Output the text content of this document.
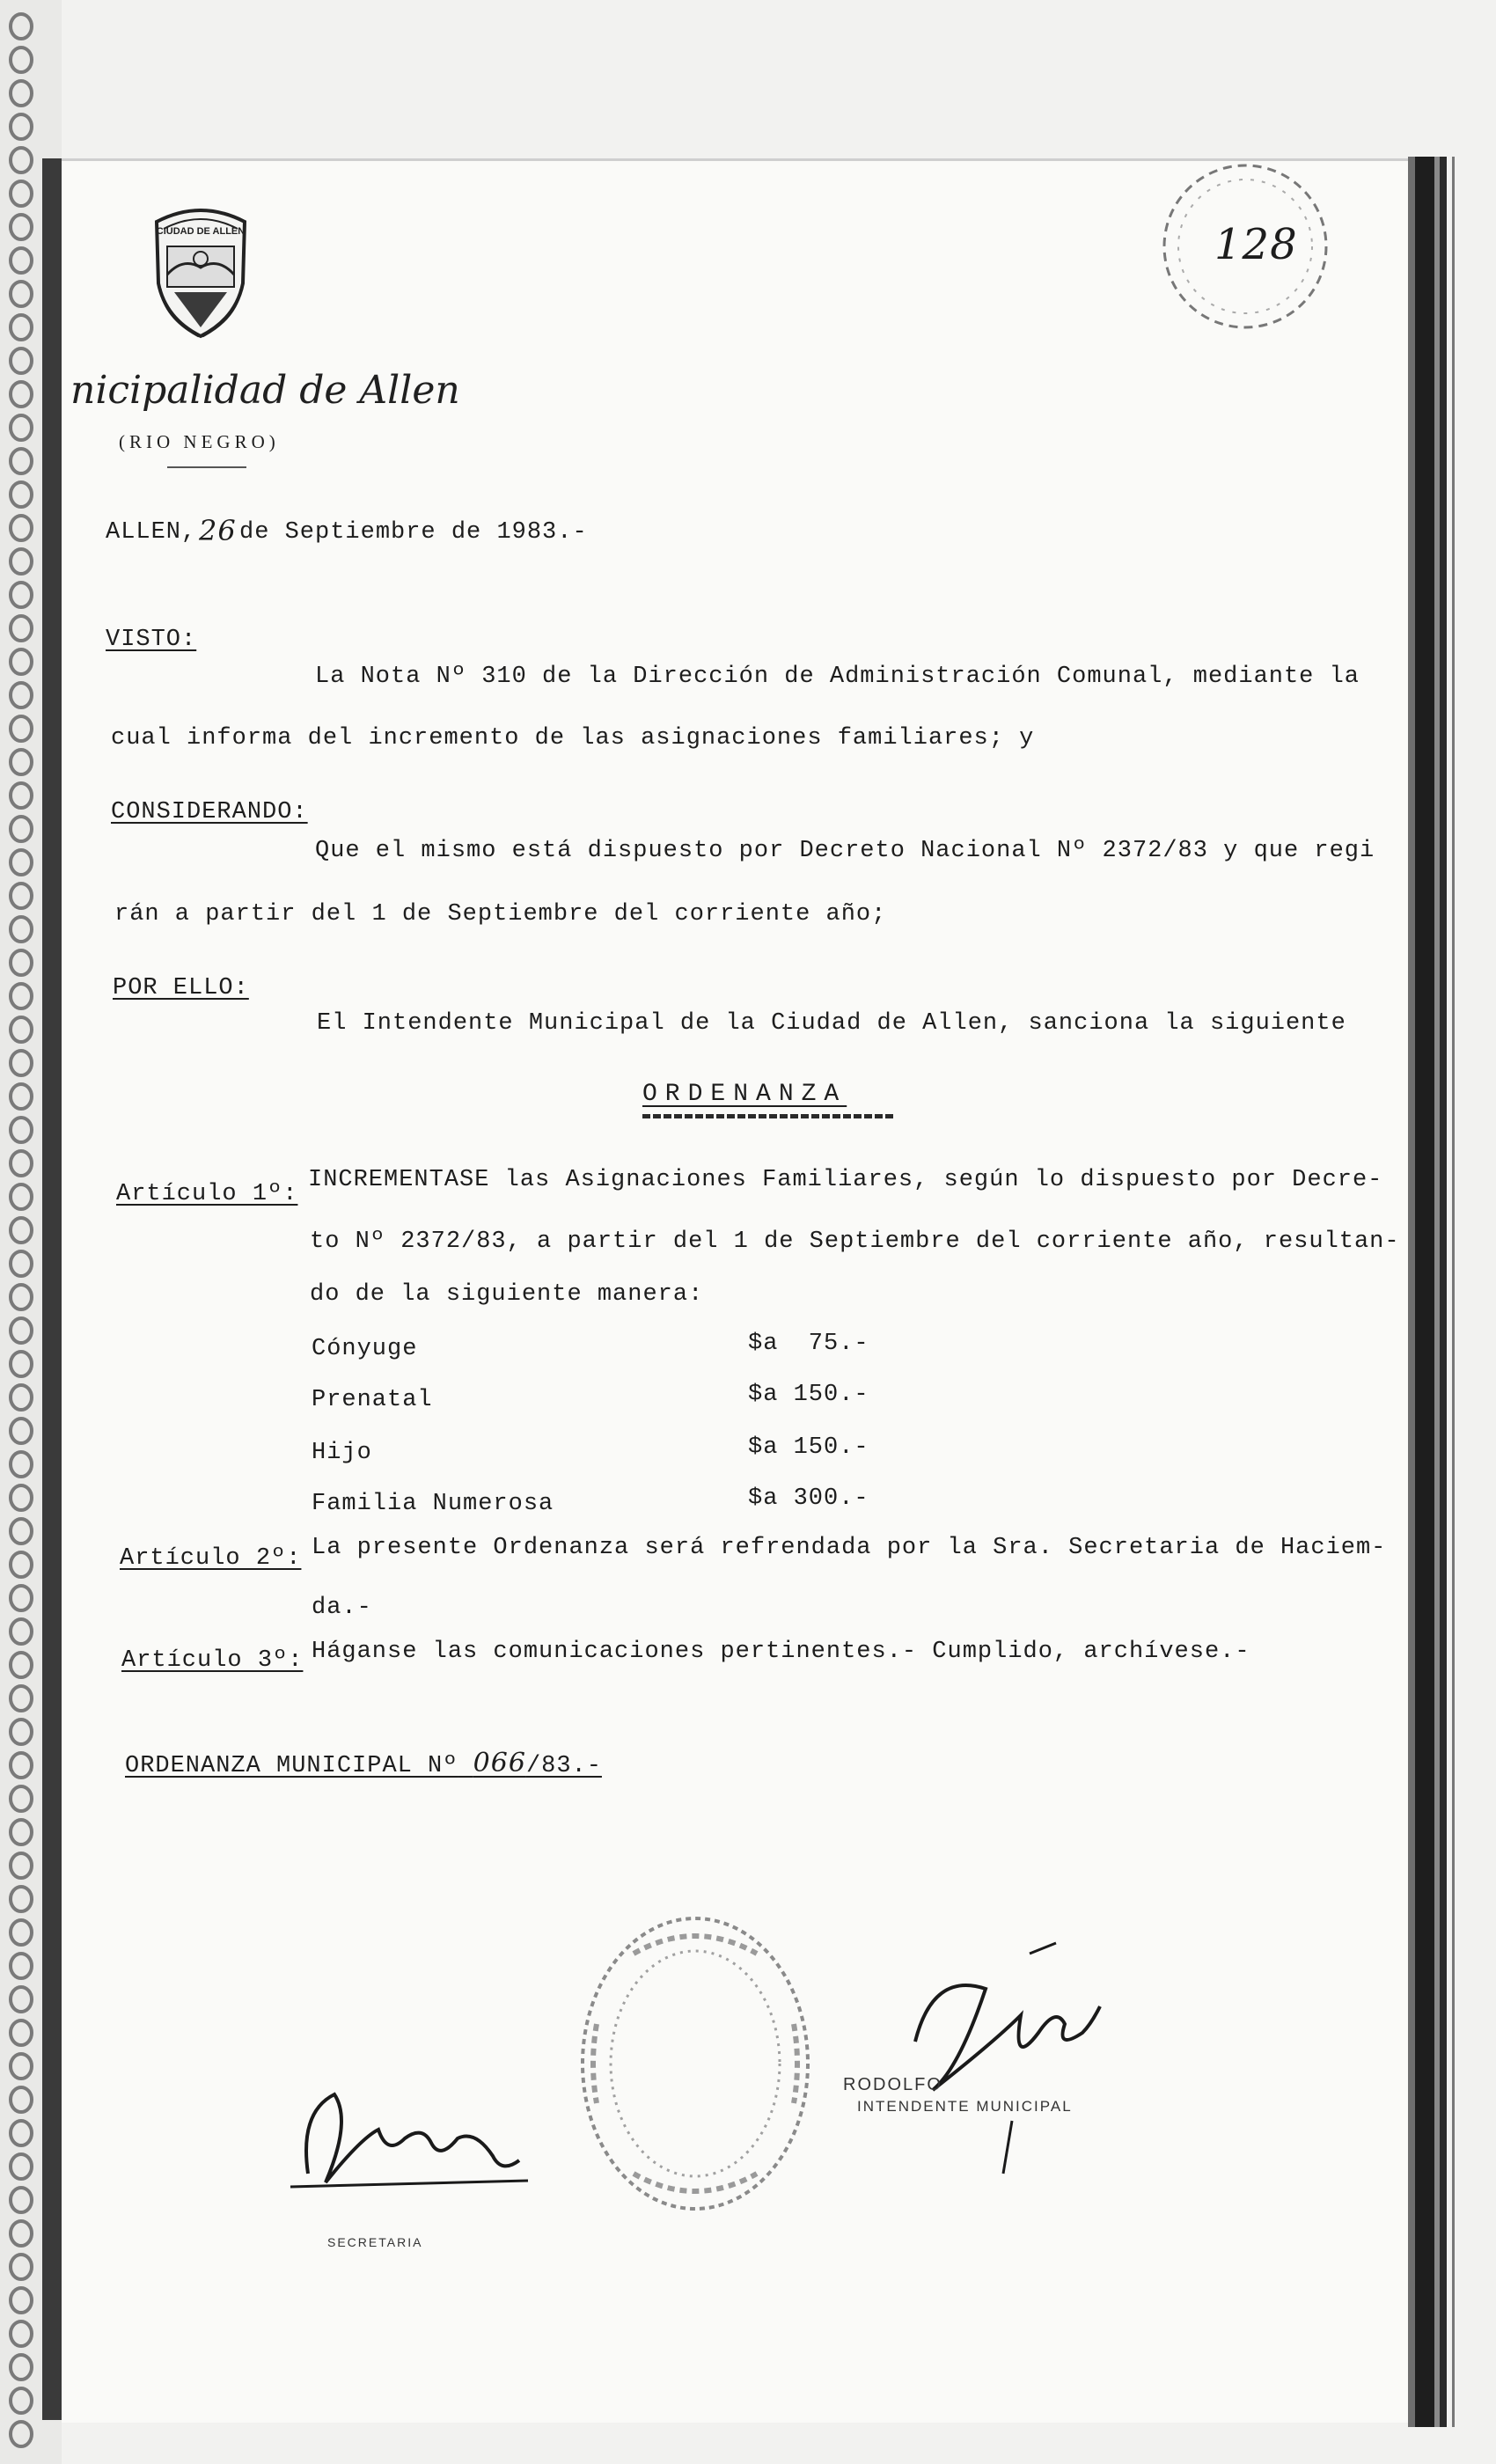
CIUDAD DE ALLEN
nicipalidad de Allen
(RIO NEGRO)
128
ALLEN, 26 de Septiembre de 1983.-
VISTO:
La Nota Nº 310 de la Dirección de Administración Comunal, mediante la
cual informa del incremento de las asignaciones familiares; y
CONSIDERANDO:
Que el mismo está dispuesto por Decreto Nacional Nº 2372/83 y que regi
rán a partir del 1 de Septiembre del corriente año;
POR ELLO:
El Intendente Municipal de la Ciudad de Allen, sanciona la siguiente
ORDENANZA
Artículo 1º:
INCREMENTASE las Asignaciones Familiares, según lo dispuesto por Decre-
to Nº 2372/83, a partir del 1 de Septiembre del corriente año, resultan-
do de la siguiente manera:
Cónyuge	$a  75.-
Prenatal	$a 150.-
Hijo	$a 150.-
Familia Numerosa	$a 300.-
Artículo 2º: La presente Ordenanza será refrendada por la Sra. Secretaria de Haciem-
da.-
Artículo 3º: Háganse las comunicaciones pertinentes.- Cumplido, archívese.-
ORDENANZA MUNICIPAL Nº 066/83.-
RODOLFO
INTENDENTE MUNICIPAL
SECRETARIA
